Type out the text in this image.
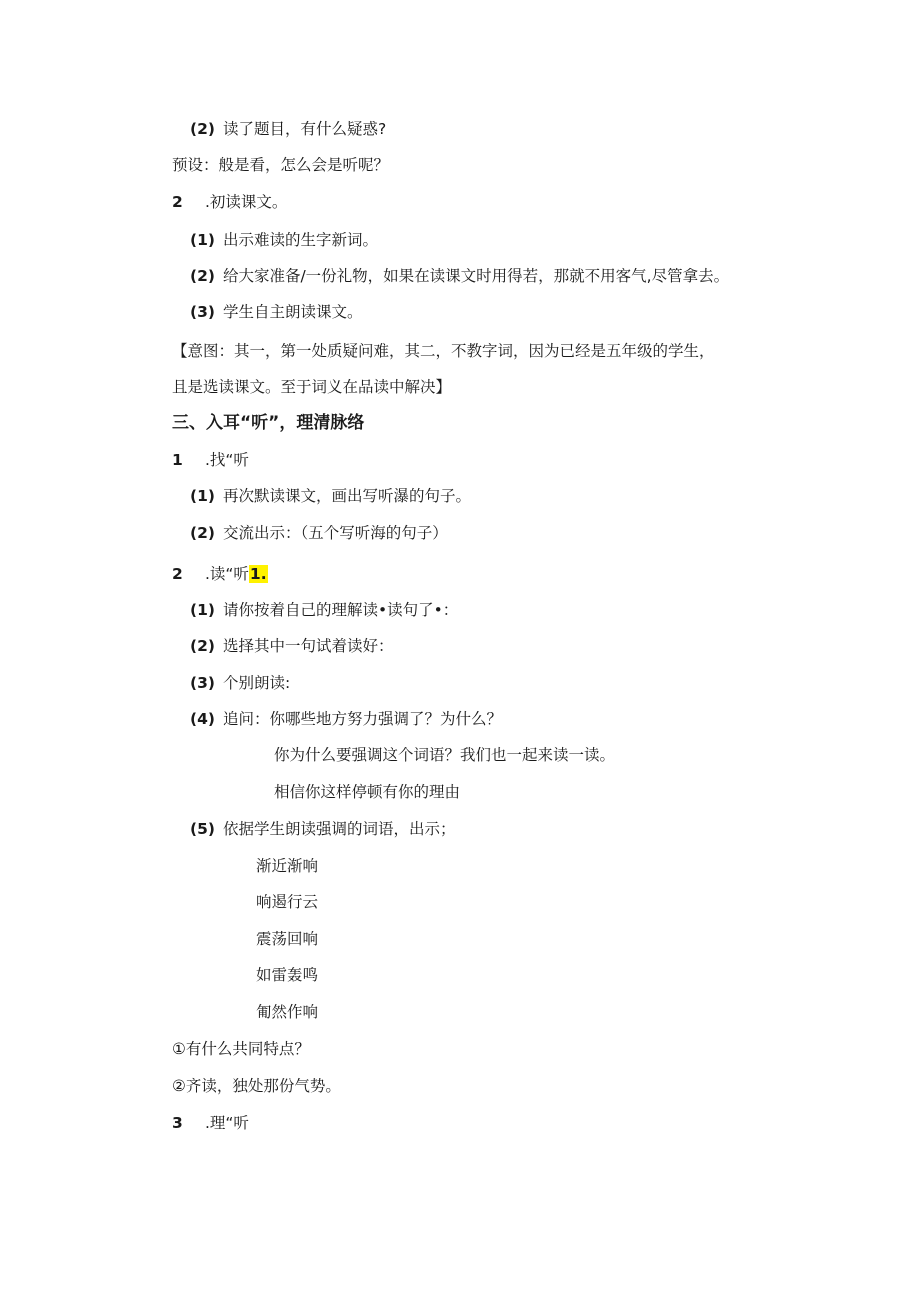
(2) 读了题目，有什么疑惑?
预设：般是看，怎么会是听呢？
2 .初读课文。
(1) 出示难读的生字新词。
(2) 给大家准备/一份礼物，如果在读课文时用得若，那就不用客气,尽管拿去。
(3) 学生自主朗读课文。
【意图：其一，第一处质疑问难，其二，不教字词，因为已经是五年级的学生，
且是选读课文。至于词义在品读中解决】
三、入耳“听”，理清脉络
1 .找“听
(1) 再次默读课文，画出写听瀑的句子。
(2) 交流出示：（五个写听海的句子）
2 .读“听1.
(1) 请你按着自己的理解读•读句了•：
(2) 选择其中一句试着读好：
(3) 个别朗读:
(4) 追问：你哪些地方努力强调了？为什么？
你为什么要强调这个词语？我们也一起来读一读。
相信你这样停顿有你的理由
(5) 依据学生朗读强调的词语，出示；
渐近渐响
响遏行云
震荡回响
如雷轰鸣
匍然作响
①有什么共同特点？
②齐读，独处那份气势。
3 .理“听
